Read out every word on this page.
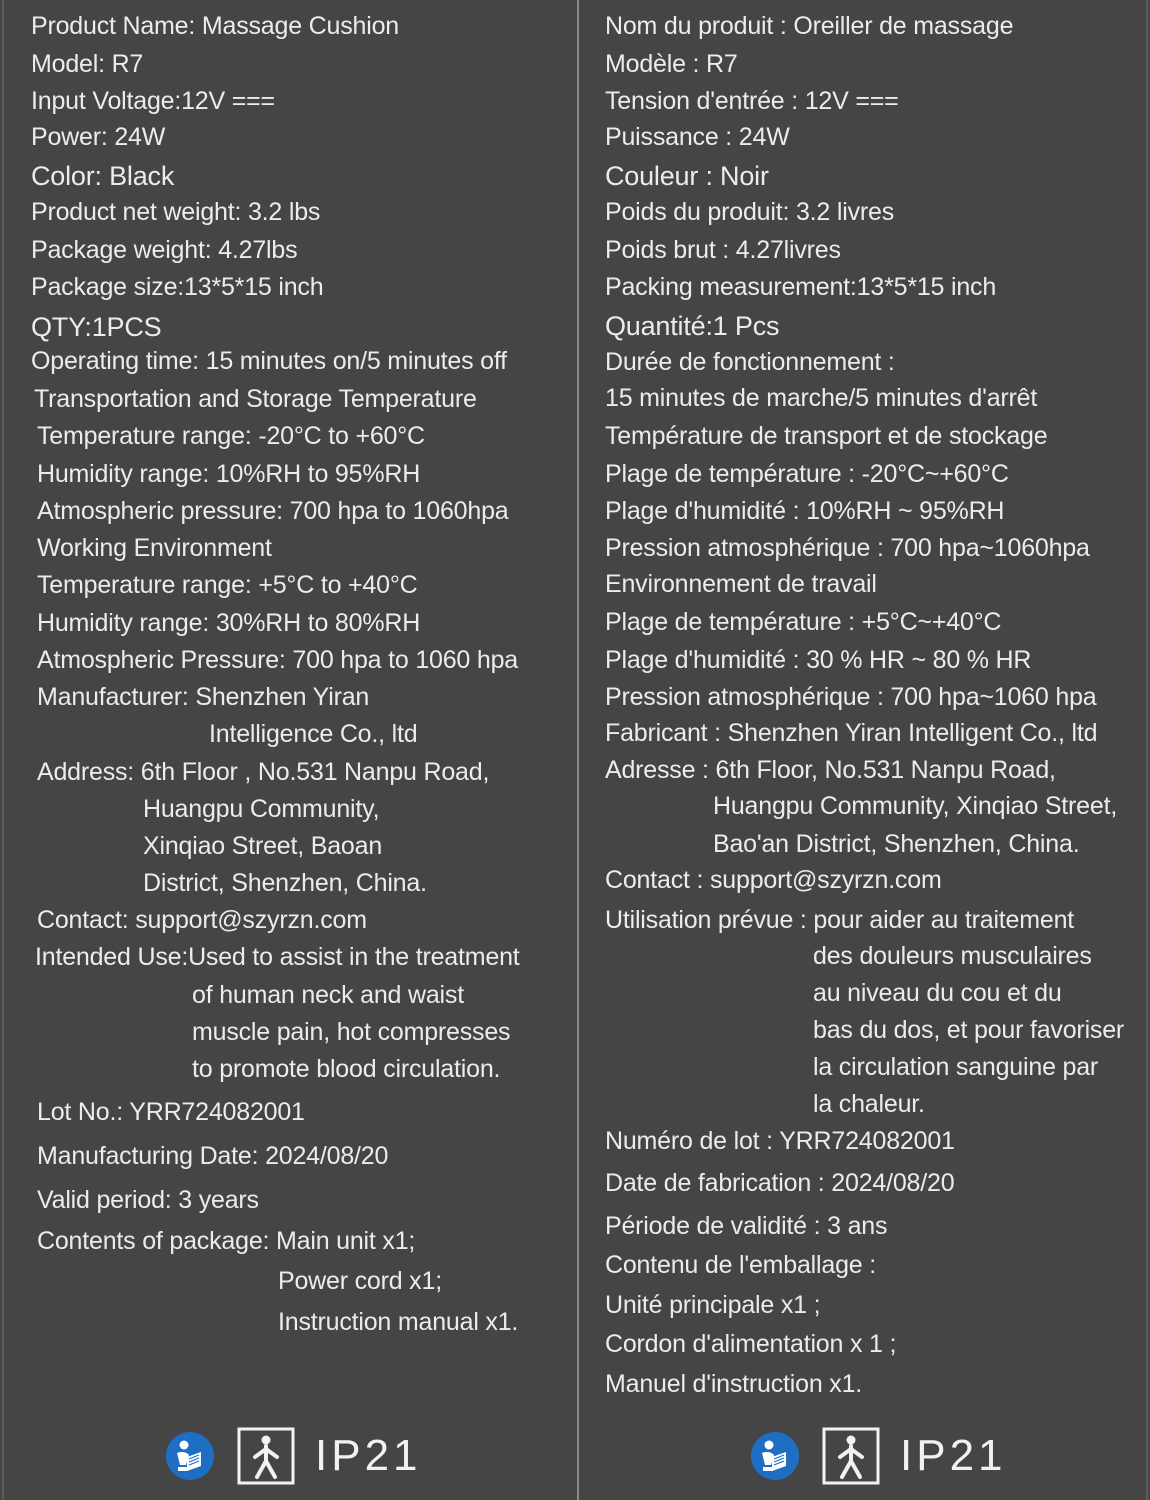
Product Name: Massage Cushion
Model: R7
Input Voltage:12V ===
Power: 24W
Color: Black
Product net weight: 3.2 lbs
Package weight: 4.27lbs
Package size:13*5*15 inch
QTY:1PCS
Operating time: 15 minutes on/5 minutes off
Transportation and Storage Temperature
Temperature range: -20°C to +60°C
Humidity range: 10%RH to 95%RH
Atmospheric pressure: 700 hpa to 1060hpa
Working Environment
Temperature range: +5°C to +40°C
Humidity range: 30%RH to 80%RH
Atmospheric Pressure: 700 hpa to 1060 hpa
Manufacturer: Shenzhen Yiran
Intelligence Co., ltd
Address: 6th Floor , No.531 Nanpu Road,
Huangpu Community,
Xinqiao Street, Baoan
District, Shenzhen, China.
Contact: support@szyrzn.com
Intended Use:Used to assist in the treatment
of human neck and waist
muscle pain, hot compresses
to promote blood circulation.
Lot No.: YRR724082001
Manufacturing Date: 2024/08/20
Valid period: 3 years
Contents of package: Main unit x1;
Power cord x1;
Instruction manual x1.
Nom du produit : Oreiller de massage
Modèle : R7
Tension d'entrée : 12V ===
Puissance : 24W
Couleur : Noir
Poids du produit: 3.2 livres
Poids brut : 4.27livres
Packing measurement:13*5*15 inch
Quantité:1 Pcs
Durée de fonctionnement :
15 minutes de marche/5 minutes d'arrêt
Température de transport et de stockage
Plage de température : -20°C~+60°C
Plage d'humidité : 10%RH ~ 95%RH
Pression atmosphérique : 700 hpa~1060hpa
Environnement de travail
Plage de température : +5°C~+40°C
Plage d'humidité : 30 % HR ~ 80 % HR
Pression atmosphérique : 700 hpa~1060 hpa
Fabricant : Shenzhen Yiran Intelligent Co., ltd
Adresse : 6th Floor, No.531 Nanpu Road,
Huangpu Community, Xinqiao Street,
Bao'an District, Shenzhen, China.
Contact : support@szyrzn.com
Utilisation prévue : pour aider au traitement
des douleurs musculaires
au niveau du cou et du
bas du dos, et pour favoriser
la circulation sanguine par
la chaleur.
Numéro de lot : YRR724082001
Date de fabrication : 2024/08/20
Période de validité : 3 ans
Contenu de l'emballage :
Unité principale x1 ;
Cordon d'alimentation x 1 ;
Manuel d'instruction x1.
IP21	IP21
